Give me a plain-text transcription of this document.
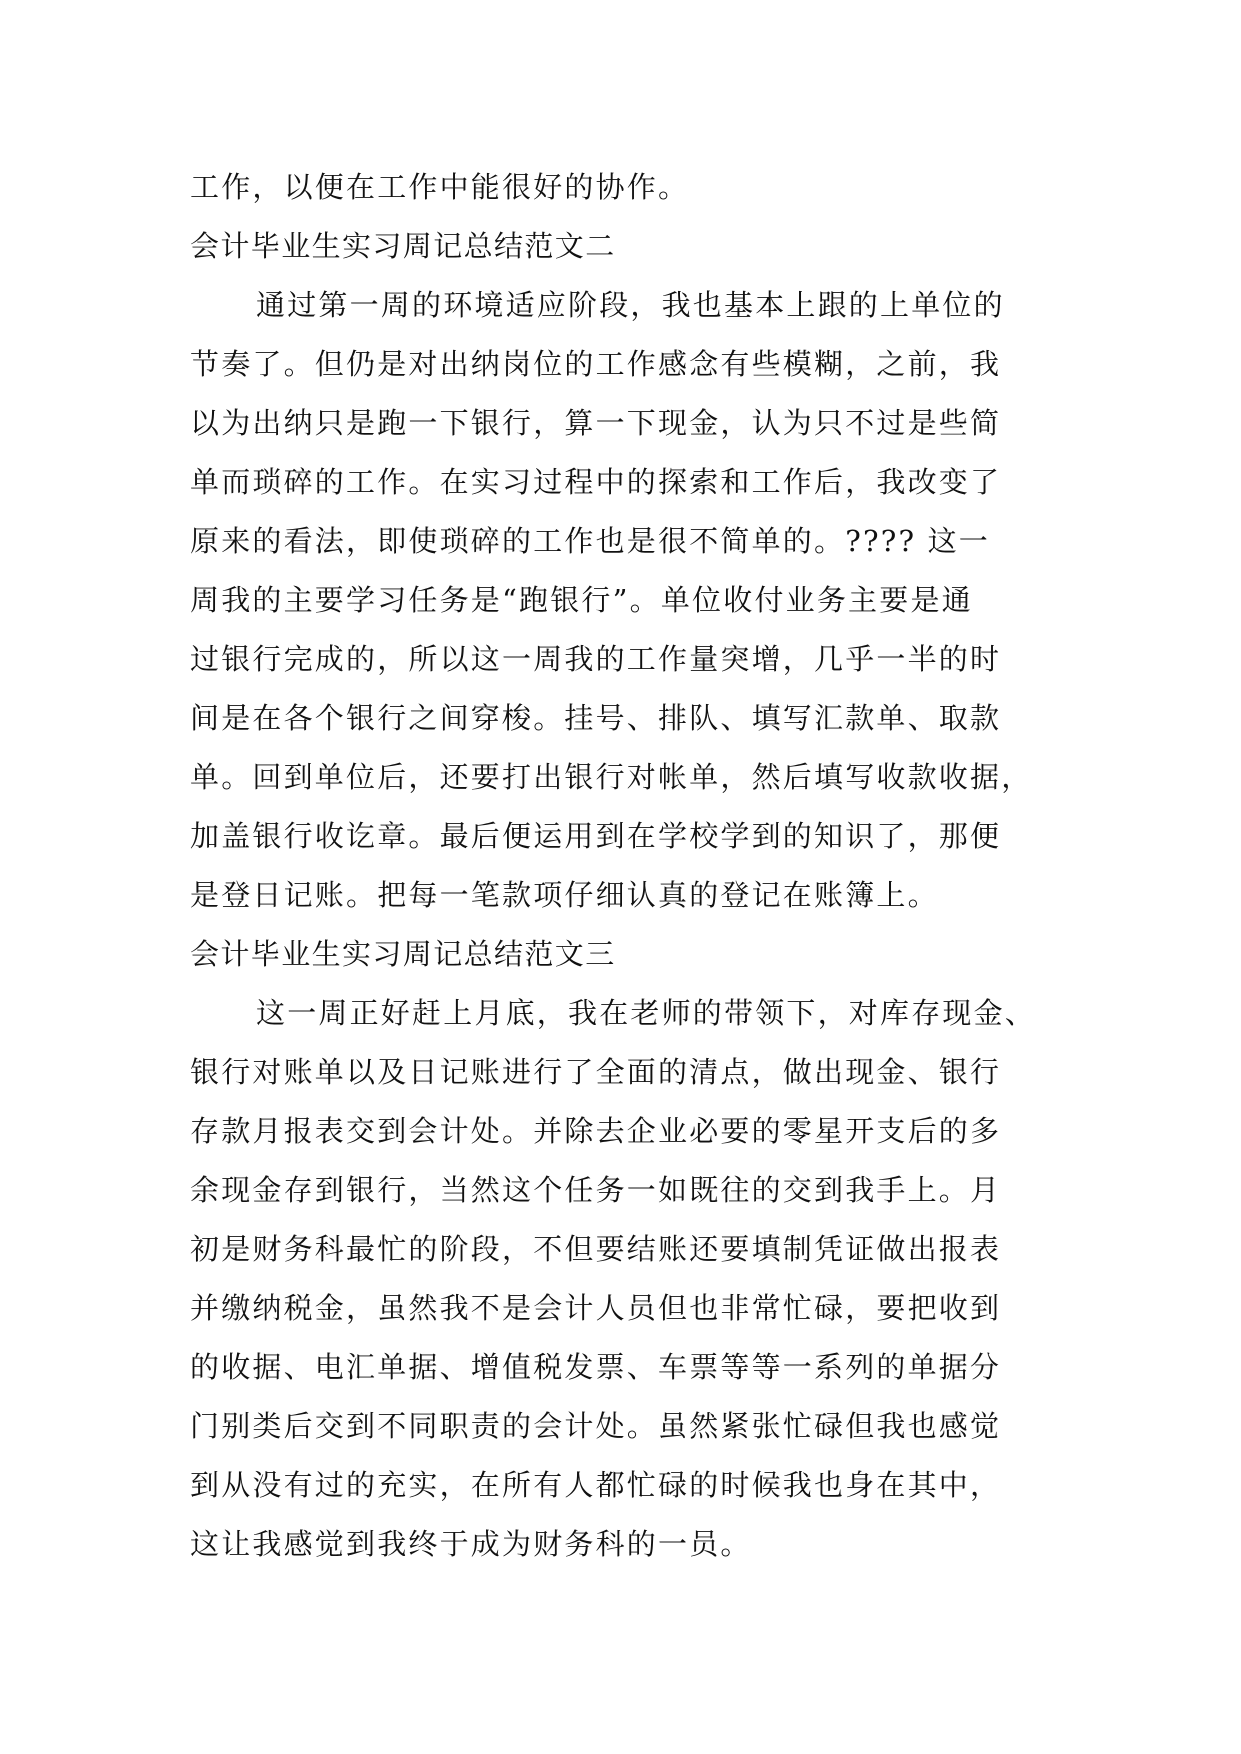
工作，以便在工作中能很好的协作。
会计毕业生实习周记总结范文二
通过第一周的环境适应阶段，我也基本上跟的上单位的
节奏了。但仍是对出纳岗位的工作感念有些模糊，之前，我
以为出纳只是跑一下银行，算一下现金，认为只不过是些简
单而琐碎的工作。在实习过程中的探索和工作后，我改变了
原来的看法，即使琐碎的工作也是很不简单的。???? 这一
周我的主要学习任务是“跑银行”。单位收付业务主要是通
过银行完成的，所以这一周我的工作量突增，几乎一半的时
间是在各个银行之间穿梭。挂号、排队、填写汇款单、取款
单。回到单位后，还要打出银行对帐单，然后填写收款收据，
加盖银行收讫章。最后便运用到在学校学到的知识了，那便
是登日记账。把每一笔款项仔细认真的登记在账簿上。
会计毕业生实习周记总结范文三
这一周正好赶上月底，我在老师的带领下，对库存现金、
银行对账单以及日记账进行了全面的清点，做出现金、银行
存款月报表交到会计处。并除去企业必要的零星开支后的多
余现金存到银行，当然这个任务一如既往的交到我手上。月
初是财务科最忙的阶段，不但要结账还要填制凭证做出报表
并缴纳税金，虽然我不是会计人员但也非常忙碌，要把收到
的收据、电汇单据、增值税发票、车票等等一系列的单据分
门别类后交到不同职责的会计处。虽然紧张忙碌但我也感觉
到从没有过的充实，在所有人都忙碌的时候我也身在其中，
这让我感觉到我终于成为财务科的一员。
